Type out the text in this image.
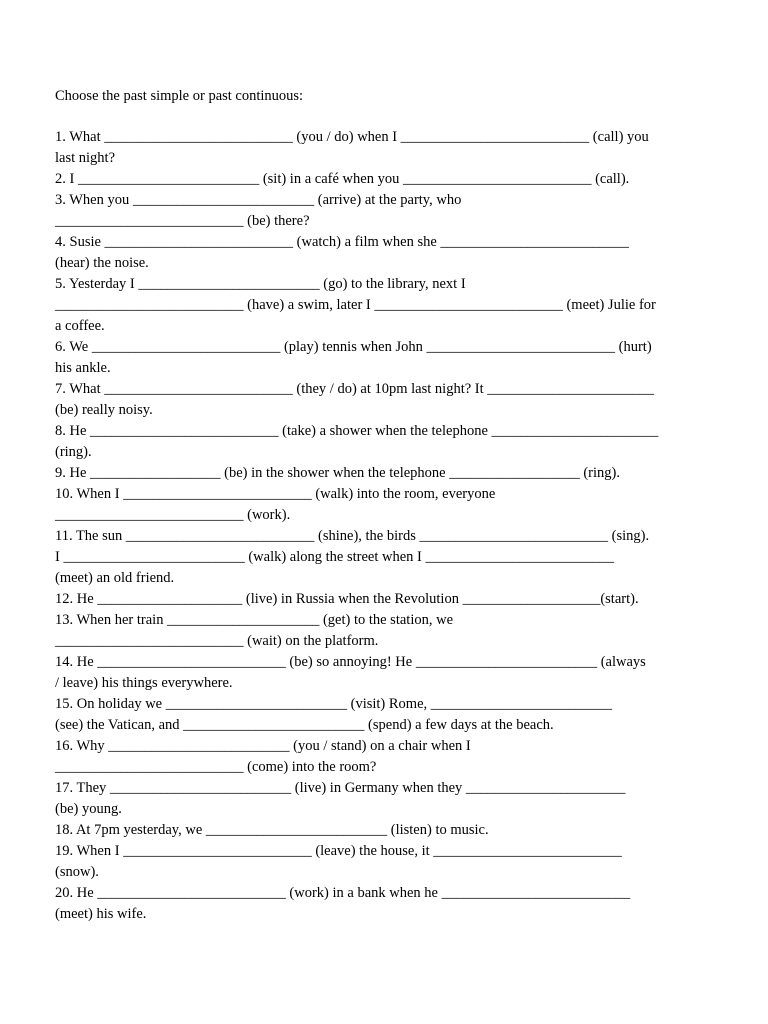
Choose the past simple or past continuous:
1. What __________________________ (you / do) when I __________________________ (call) you
last night?
2. I _________________________ (sit) in a café when you __________________________ (call).
3. When you _________________________ (arrive) at the party, who
__________________________ (be) there?
4. Susie __________________________ (watch) a film when she __________________________
(hear) the noise.
5. Yesterday I _________________________ (go) to the library, next I
__________________________ (have) a swim, later I __________________________ (meet) Julie for
a coffee.
6. We __________________________ (play) tennis when John __________________________ (hurt)
his ankle.
7. What __________________________ (they / do) at 10pm last night? It _______________________
(be) really noisy.
8. He __________________________ (take) a shower when the telephone _______________________
(ring).
9. He __________________ (be) in the shower when the telephone __________________ (ring).
10. When I __________________________ (walk) into the room, everyone
__________________________ (work).
11. The sun __________________________ (shine), the birds __________________________ (sing).
I _________________________ (walk) along the street when I __________________________
(meet) an old friend.
12. He ____________________ (live) in Russia when the Revolution ___________________(start).
13. When her train _____________________ (get) to the station, we
__________________________ (wait) on the platform.
14. He __________________________ (be) so annoying! He _________________________ (always
/ leave) his things everywhere.
15. On holiday we _________________________ (visit) Rome, _________________________
(see) the Vatican, and _________________________ (spend) a few days at the beach.
16. Why _________________________ (you / stand) on a chair when I
__________________________ (come) into the room?
17. They _________________________ (live) in Germany when they ______________________
(be) young.
18. At 7pm yesterday, we _________________________ (listen) to music.
19. When I __________________________ (leave) the house, it __________________________
(snow).
20. He __________________________ (work) in a bank when he __________________________
(meet) his wife.
